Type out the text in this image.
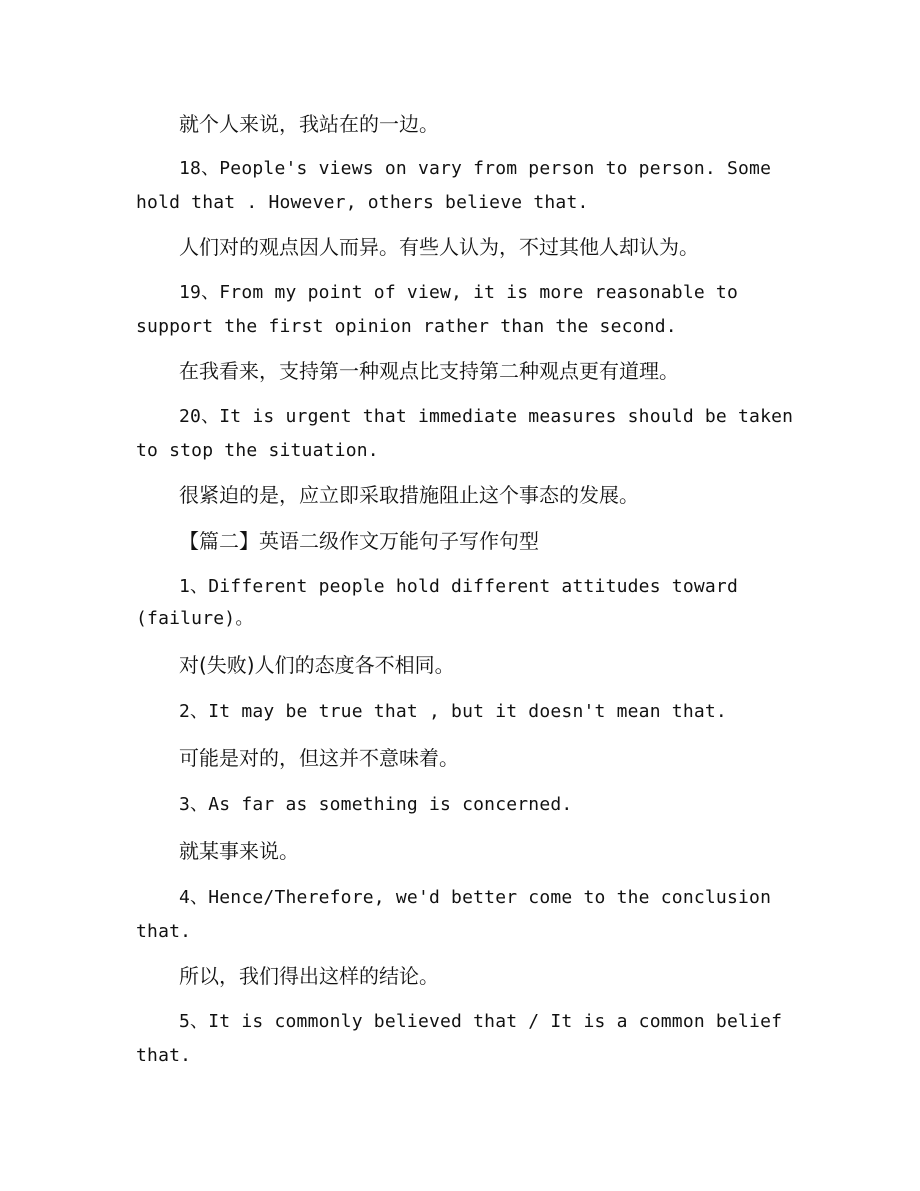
就个人来说，我站在的一边。
18、People's views on vary from person to person. Some
hold that . However, others believe that.
人们对的观点因人而异。有些人认为，不过其他人却认为。
19、From my point of view, it is more reasonable to
support the first opinion rather than the second.
在我看来，支持第一种观点比支持第二种观点更有道理。
20、It is urgent that immediate measures should be taken
to stop the situation.
很紧迫的是，应立即采取措施阻止这个事态的发展。
【篇二】英语二级作文万能句子写作句型
1、Different people hold different attitudes toward
(failure)。
对(失败)人们的态度各不相同。
2、It may be true that , but it doesn't mean that.
可能是对的，但这并不意味着。
3、As far as something is concerned.
就某事来说。
4、Hence/Therefore, we'd better come to the conclusion
that.
所以，我们得出这样的结论。
5、It is commonly believed that / It is a common belief
that.
